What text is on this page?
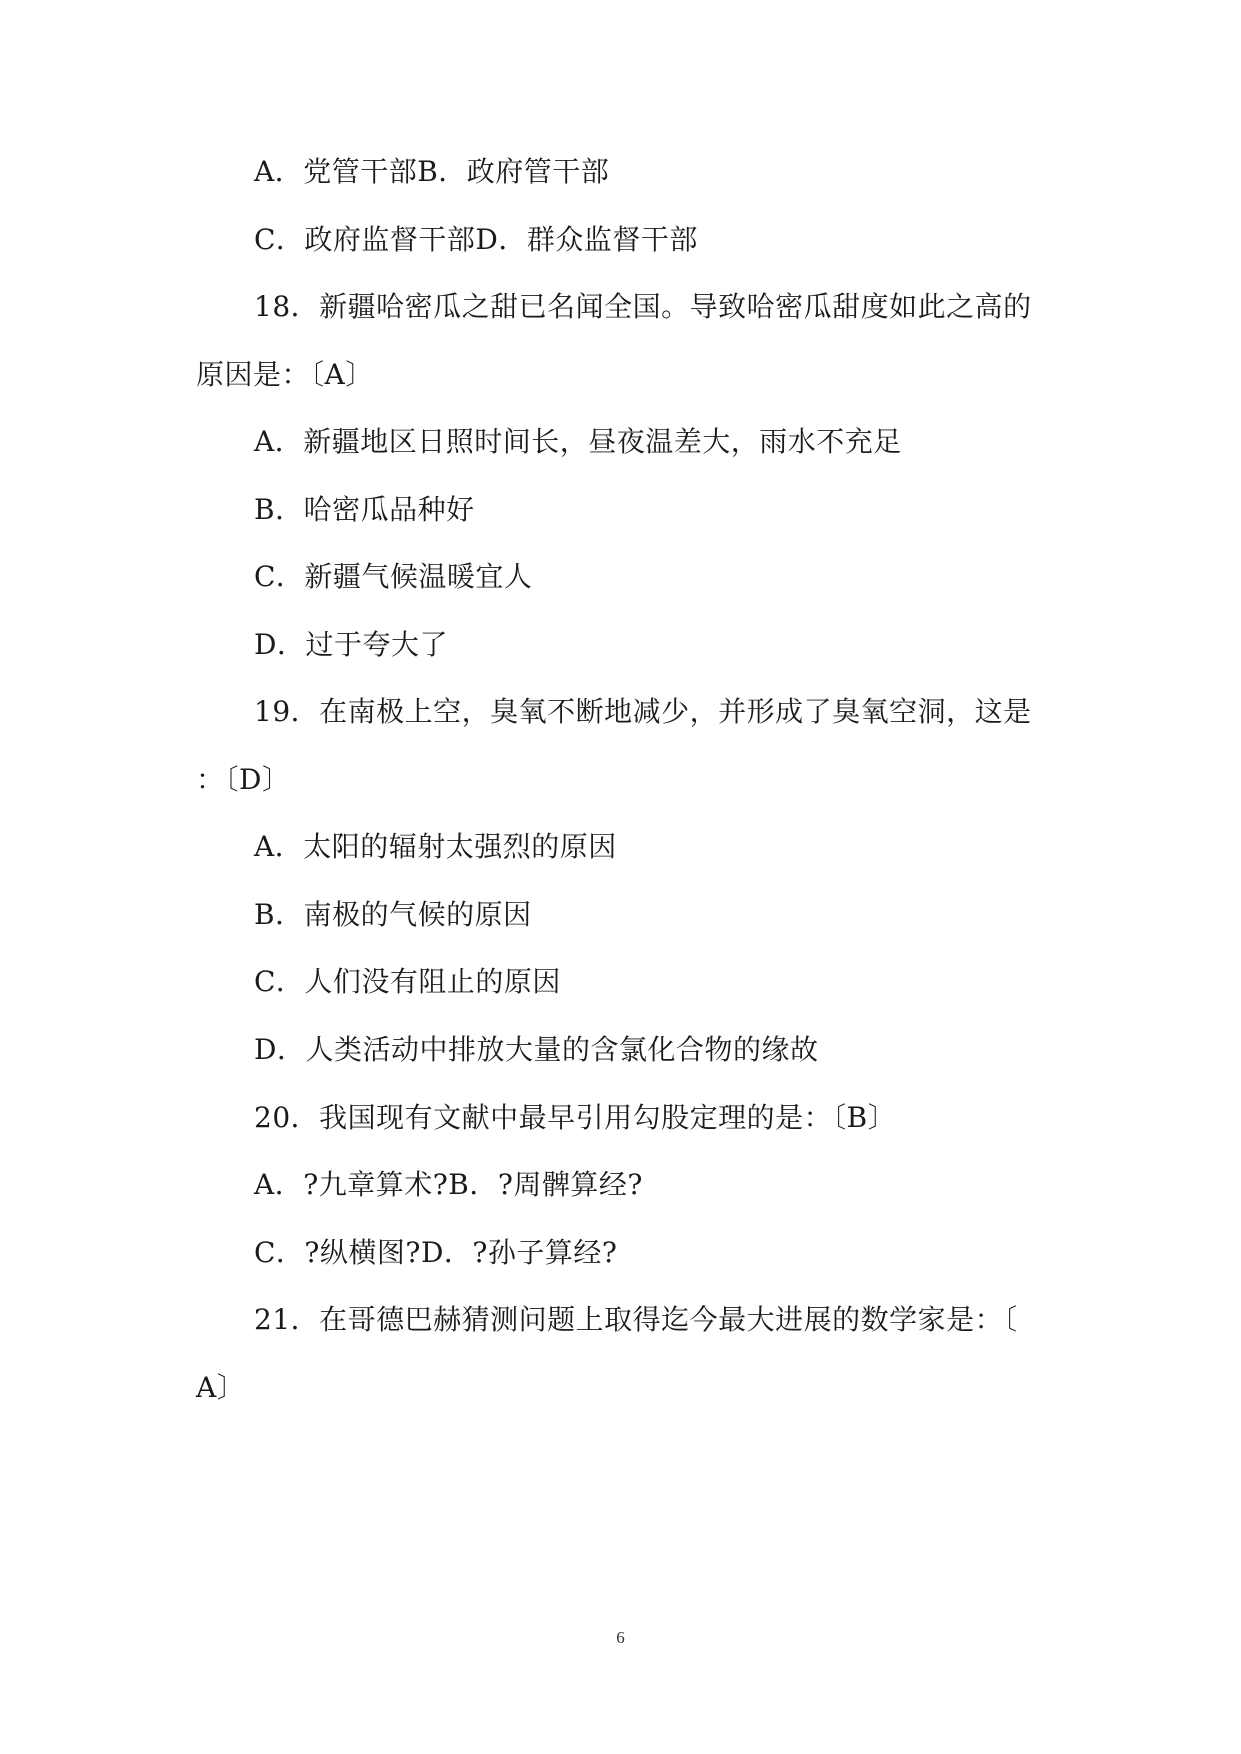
A．党管干部B．政府管干部
C．政府监督干部D．群众监督干部
18．新疆哈密瓜之甜已名闻全国。导致哈密瓜甜度如此之高的
原因是：〔A〕
A．新疆地区日照时间长，昼夜温差大，雨水不充足
B．哈密瓜品种好
C．新疆气候温暖宜人
D．过于夸大了
19．在南极上空，臭氧不断地减少，并形成了臭氧空洞，这是
：〔D〕
A．太阳的辐射太强烈的原因
B．南极的气候的原因
C．人们没有阻止的原因
D．人类活动中排放大量的含氯化合物的缘故
20．我国现有文献中最早引用勾股定理的是：〔B〕
A．?九章算术?B．?周髀算经?
C．?纵横图?D．?孙子算经?
21．在哥德巴赫猜测问题上取得迄今最大进展的数学家是：〔
A〕
6
